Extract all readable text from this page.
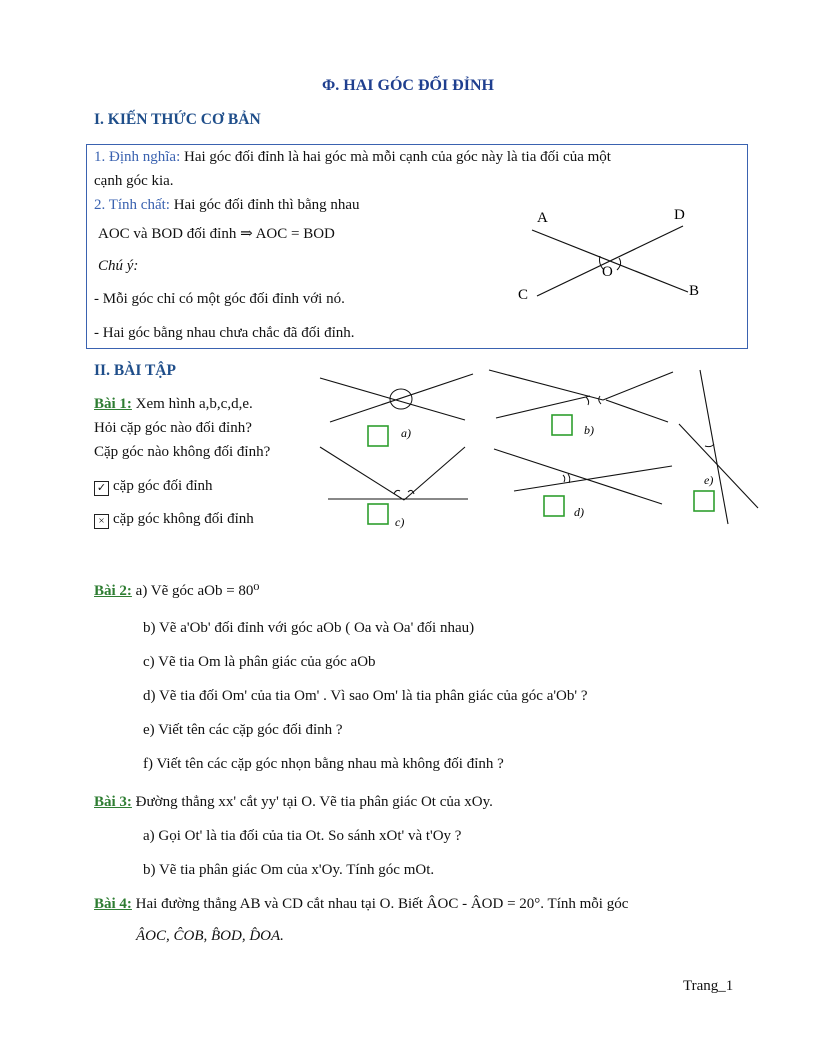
Φ. HAI GÓC ĐỐI ĐỈNH
I. KIẾN THỨC CƠ BẢN
1. Định nghĩa: Hai góc đối đỉnh là hai góc mà mỗi cạnh của góc này là tia đối của một
cạnh góc kia.
2. Tính chất: Hai góc đối đỉnh thì bằng nhau
AOC và BOD đối đỉnh ⇒ AOC = BOD
Chú ý:
- Mỗi góc chỉ có một góc đối đỉnh với nó.
- Hai góc bằng nhau chưa chắc đã đối đỉnh.
A	D
O
C	B
a)	b)
c)
d)
e)
II. BÀI TẬP
Bài 1: Xem hình a,b,c,d,e.
Hỏi cặp góc nào đối đỉnh?
Cặp góc nào không đối đỉnh?
✓ cặp góc đối đỉnh
× cặp góc không đối đỉnh
Bài 2: a) Vẽ góc aOb = 80⁰
b) Vẽ a'Ob' đối đỉnh với góc aOb ( Oa và Oa' đối nhau)
c) Vẽ tia Om là phân giác của góc aOb
d) Vẽ tia đối Om' của tia Om' . Vì sao Om' là tia phân giác của góc a'Ob' ?
e) Viết tên các cặp góc đối đỉnh ?
f) Viết tên các cặp góc nhọn bằng nhau mà không đối đỉnh ?
Bài 3: Đường thẳng xx' cắt yy' tại O. Vẽ tia phân giác Ot của xOy.
a) Gọi Ot' là tia đối của tia Ot. So sánh xOt' và t'Oy ?
b) Vẽ tia phân giác Om của x'Oy. Tính góc mOt.
Bài 4: Hai đường thẳng AB và CD cắt nhau tại O. Biết ÂOC - ÂOD = 20°. Tính mỗi góc
ÂOC, ĈOB, B̂OD, D̂OA.
Trang_1
